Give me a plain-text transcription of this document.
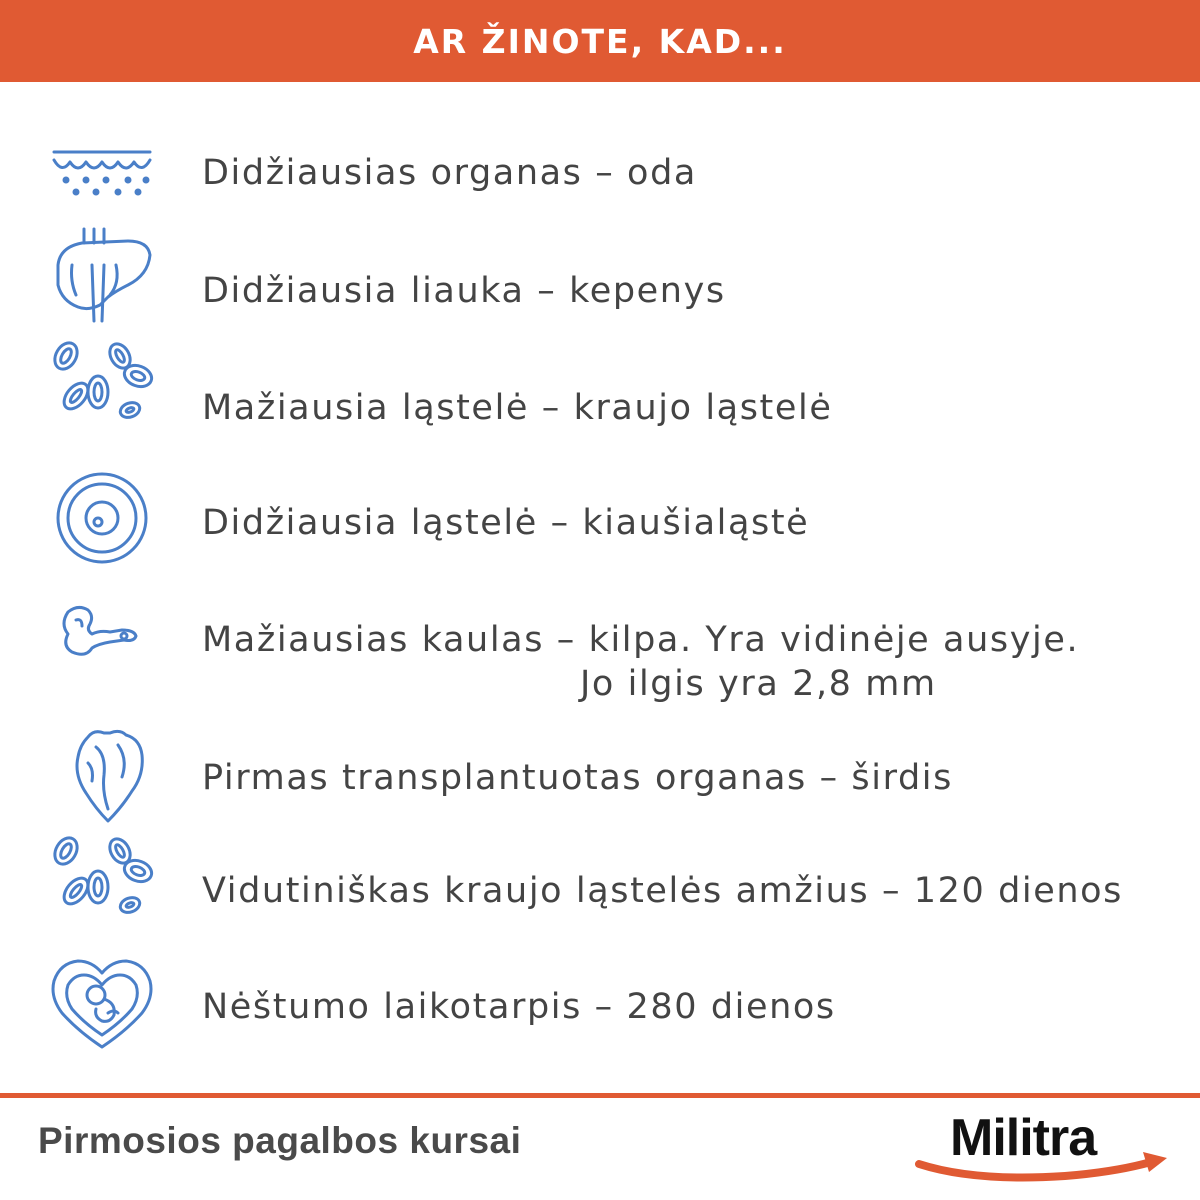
AR ŽINOTE, KAD...
Didžiausias organas – oda
Didžiausia liauka – kepenys
Mažiausia ląstelė – kraujo ląstelė
Didžiausia ląstelė – kiaušialąstė
Mažiausias kaulas – kilpa. Yra vidinėje ausyje.
Jo ilgis yra 2,8 mm
Pirmas transplantuotas organas – širdis
Vidutiniškas kraujo ląstelės amžius – 120 dienos
Nėštumo laikotarpis – 280 dienos
Pirmosios pagalbos kursai	Militra
